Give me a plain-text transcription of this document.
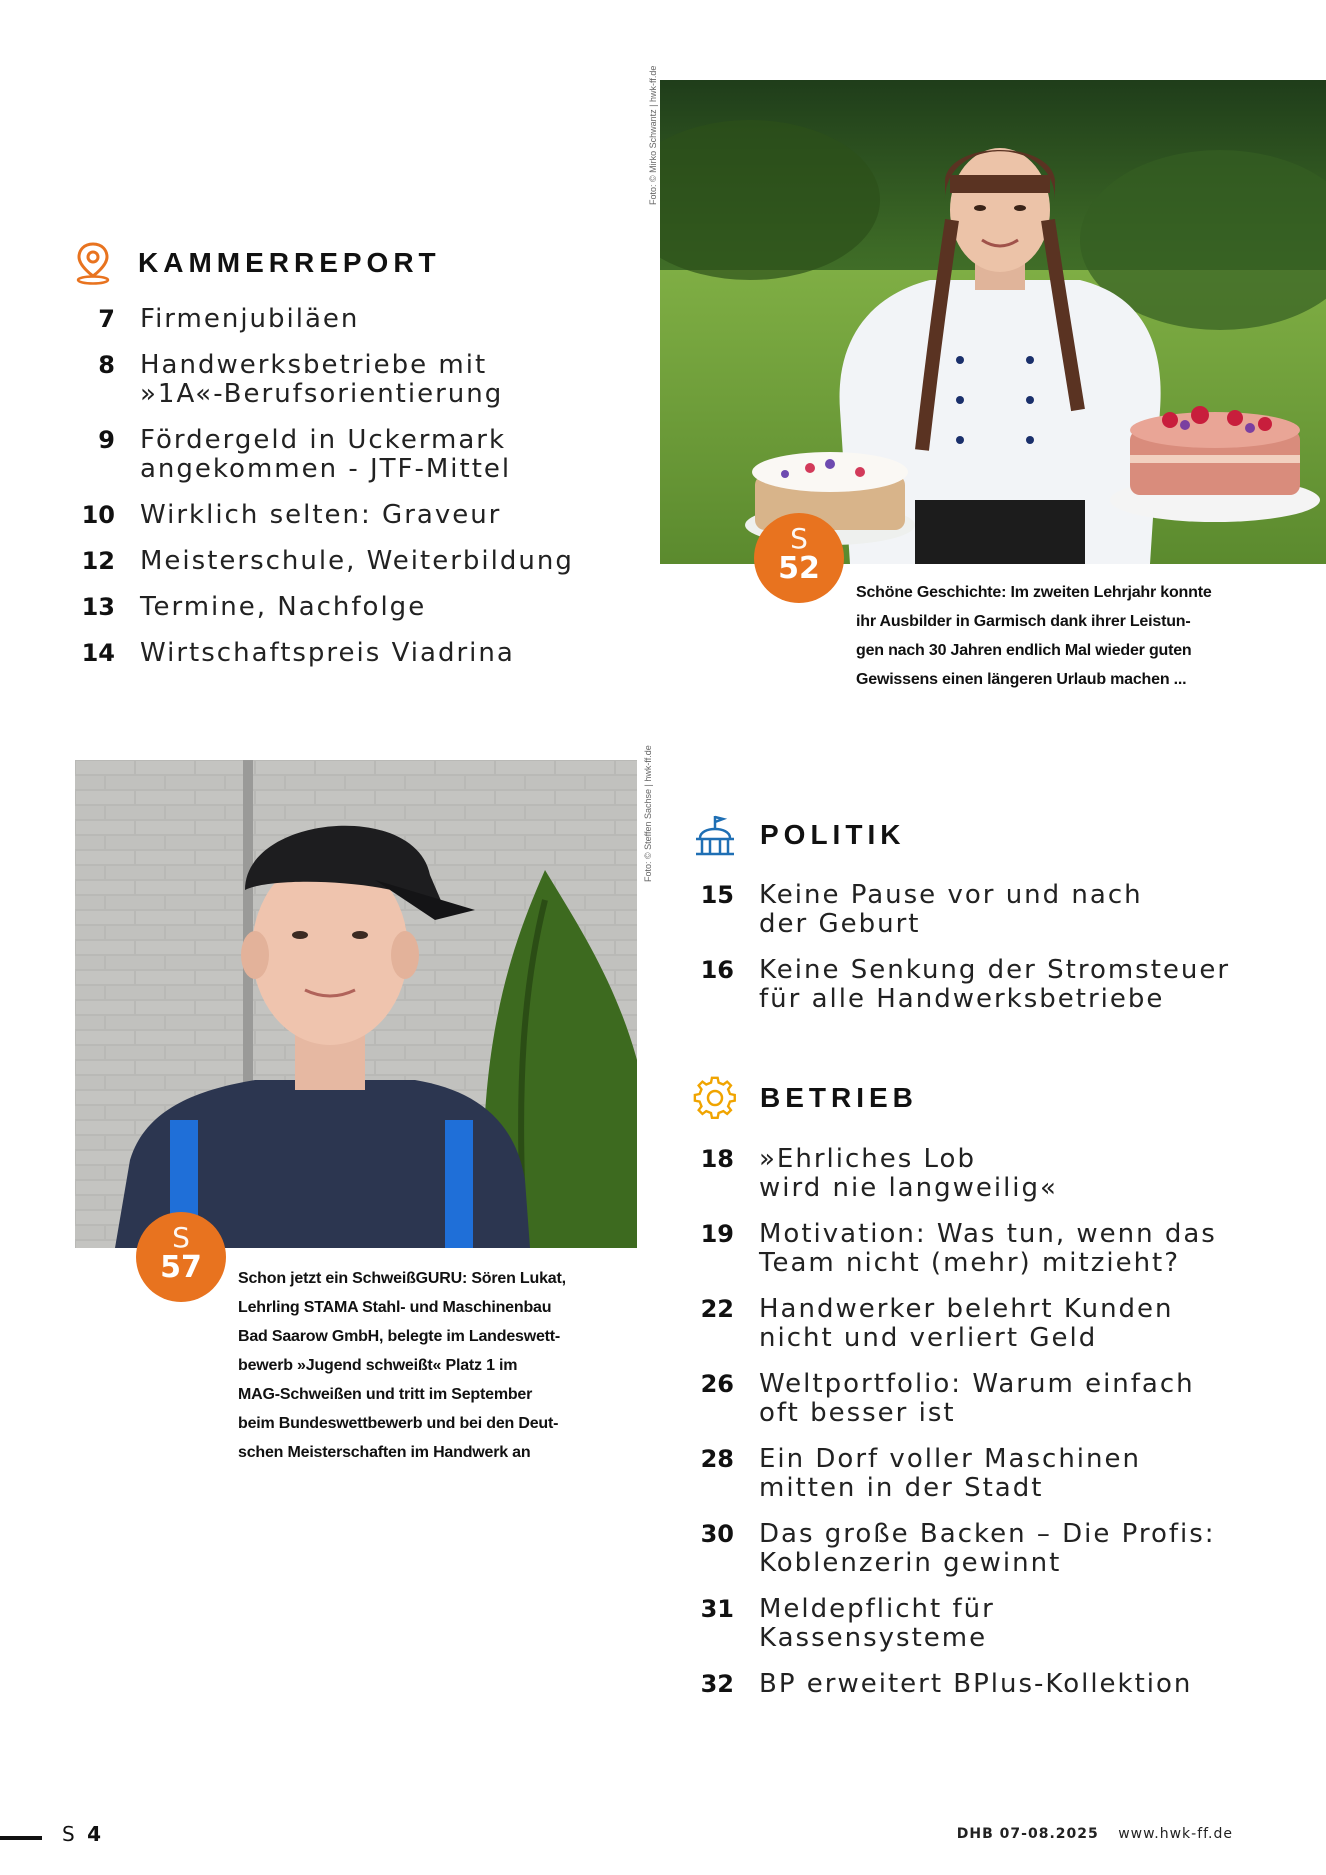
KAMMERREPORT
7 Firmenjubiläen
8 Handwerksbetriebe mit
»1A«-Berufsorientierung
9 Fördergeld in Uckermark
angekommen - JTF-Mittel
10 Wirklich selten: Graveur
12 Meisterschule, Weiterbildung
13 Termine, Nachfolge
14 Wirtschaftspreis Viadrina
Foto: © Mirko Schwantz | hwk-ff.de
S
52
Schöne Geschichte: Im zweiten Lehrjahr konnte
ihr Ausbilder in Garmisch dank ihrer Leistun-
gen nach 30 Jahren endlich Mal wieder guten
Gewissens einen längeren Urlaub machen ...
Foto: © Steffen Sachse | hwk-ff.de
S
57	Schon jetzt ein SchweißGURU: Sören Lukat,
Lehrling STAMA Stahl- und Maschinenbau
Bad Saarow GmbH, belegte im Landeswett-
bewerb »Jugend schweißt« Platz 1 im
MAG-Schweißen und tritt im September
beim Bundeswettbewerb und bei den Deut-
schen Meisterschaften im Handwerk an
POLITIK
15 Keine Pause vor und nach
der Geburt
16 Keine Senkung der Stromsteuer
für alle Handwerksbetriebe
BETRIEB
18 »Ehrliches Lob
wird nie langweilig«
19 Motivation: Was tun, wenn das
Team nicht (mehr) mitzieht?
22 Handwerker belehrt Kunden
nicht und verliert Geld
26 Weltportfolio: Warum einfach
oft besser ist
28 Ein Dorf voller Maschinen
mitten in der Stadt
30 Das große Backen – Die Profis:
Koblenzerin gewinnt
31 Meldepflicht für
Kassensysteme
32 BP erweitert BPlus-Kollektion
S 4	DHB 07-08.2025 www.hwk-ff.de
